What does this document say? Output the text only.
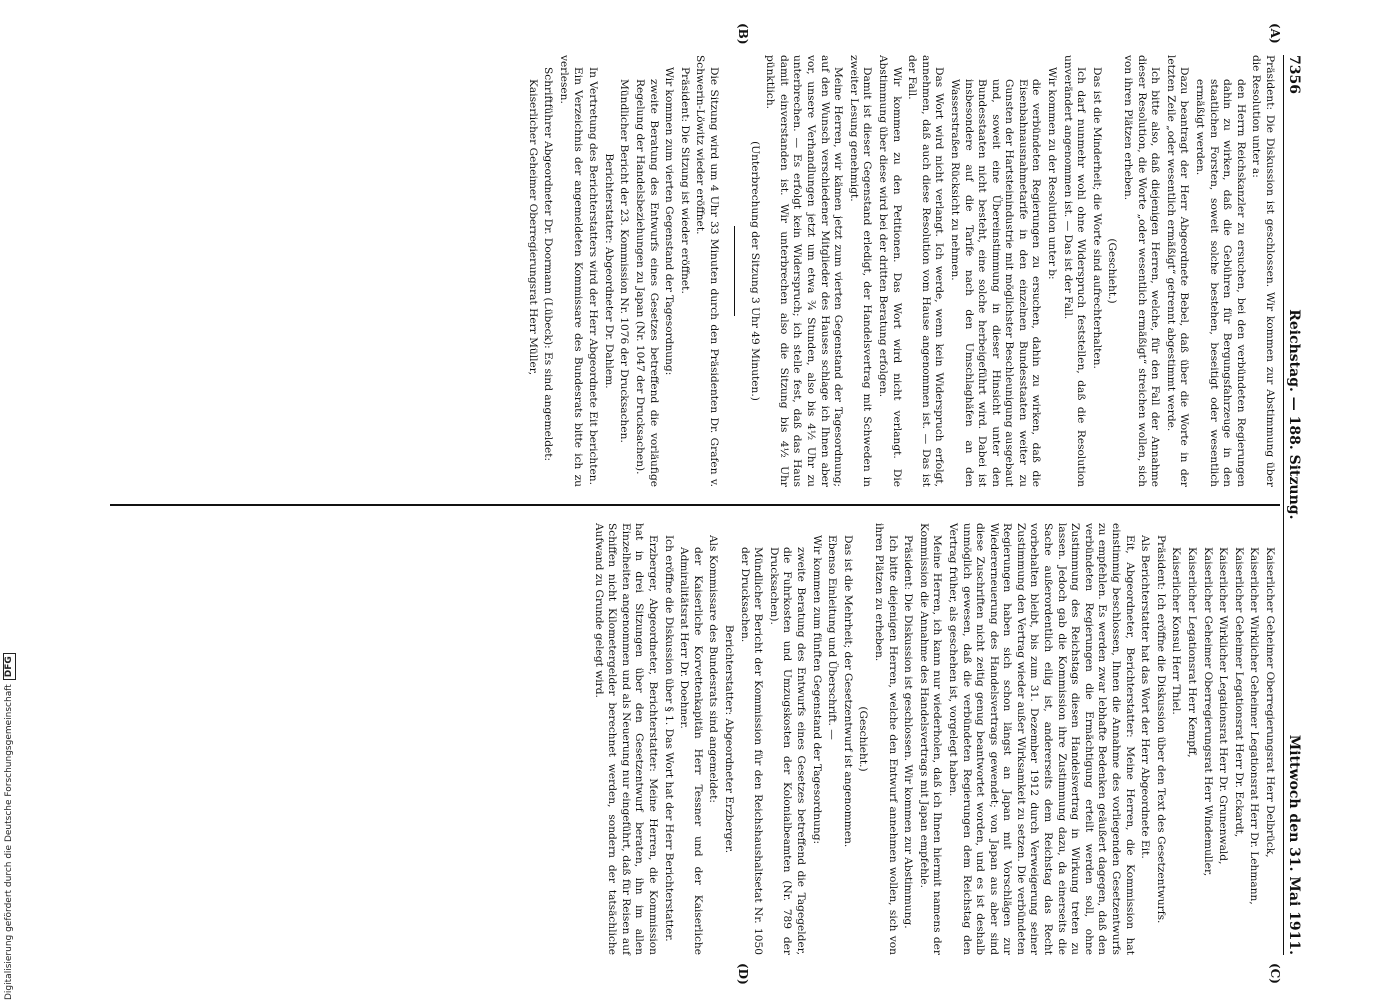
7356
Reichstag. — 188. Sitzung.
Mittwoch den 31. Mai 1911.
(A)
(B)
(C)
(D)

Präsident: Die Diskussion ist geschlossen. Wir kommen zur Abstimmung über die Resolution unter a:

den Herrn Reichskanzler zu ersuchen, bei den verbündeten Regierungen dahin zu wirken, daß die Gebühren für Bergungsfahrzeuge in den staatlichen Forsten, soweit solche bestehen, beseitigt oder wesentlich ermäßigt werden.

Dazu beantragt der Herr Abgeordnete Bebel, daß über die Worte in der letzten Zeile „oder wesentlich ermäßigt“ getrennt abgestimmt werde.

Ich bitte also, daß diejenigen Herren, welche, für den Fall der Annahme dieser Resolution, die Worte „oder wesentlich ermäßigt“ streichen wollen, sich von ihren Plätzen erheben.

(Geschieht.)

Das ist die Minderheit; die Worte sind aufrechterhalten.

Ich darf nunmehr wohl ohne Widerspruch feststellen, daß die Resolution unverändert angenommen ist. — Das ist der Fall.

Wir kommen zu der Resolution unter b:

die verbündeten Regierungen zu ersuchen, dahin zu wirken, daß die Eisenbahnausnahmetarife in den einzelnen Bundesstaaten weiter zu Gunsten der Hartsteinindustrie mit möglichster Beschleunigung ausgebaut und, soweit eine Übereinstimmung in dieser Hinsicht unter den Bundesstaaten nicht besteht, eine solche herbeigeführt wird. Dabei ist insbesondere auf die Tarife nach den Umschlaghäfen an den Wasserstraßen Rücksicht zu nehmen.

Das Wort wird nicht verlangt. Ich werde, wenn kein Widerspruch erfolgt, annehmen, daß auch diese Resolution vom Hause angenommen ist. — Das ist der Fall.

Wir kommen zu den Petitionen. Das Wort wird nicht verlangt. Die Abstimmung über diese wird bei der dritten Beratung erfolgen.

Damit ist dieser Gegenstand erledigt, der Handelsvertrag mit Schweden in zweiter Lesung genehmigt.

Meine Herren, wir kämen jetzt zum vierten Gegenstand der Tagesordnung; auf den Wunsch verschiedener Mitglieder des Hauses schlage ich Ihnen aber vor, unsere Verhandlungen jetzt um etwa ¾ Stunden, also bis 4½ Uhr zu unterbrechen. — Es erfolgt kein Widerspruch; ich stelle fest, daß das Haus damit einverstanden ist. Wir unterbrechen also die Sitzung bis 4½ Uhr pünktlich.

(Unterbrechung der Sitzung 3 Uhr 49 Minuten.)

Die Sitzung wird um 4 Uhr 33 Minuten durch den Präsidenten Dr. Grafen v. Schwerin-Löwitz wieder eröffnet.

Präsident: Die Sitzung ist wieder eröffnet.

Wir kommen zum vierten Gegenstand der Tagesordnung:

zweite Beratung des Entwurfs eines Gesetzes betreffend die vorläufige Regelung der Handelsbeziehungen zu Japan (Nr. 1047 der Drucksachen).

Mündlicher Bericht der 23. Kommission Nr. 1076 der Drucksachen.

Berichterstatter: Abgeordneter Dr. Dahlem.

In Vertretung des Berichterstatters wird der Herr Abgeordnete Eit berichten.

Ein Verzeichnis der angemeldeten Kommissare des Bundesrats bitte ich zu verlesen.

Schriftführer Abgeordneter Dr. Doormann (Lübeck): Es sind angemeldet:

Kaiserlicher Geheimer Oberregierungsrat Herr Müller,

Kaiserlicher Geheimer Oberregierungsrat Herr Delbrück,

Kaiserlicher Wirklicher Geheimer Legationsrat Herr Dr. Lehmann,

Kaiserlicher Geheimer Legationsrat Herr Dr. Eckardt,

Kaiserlicher Wirklicher Legationsrat Herr Dr. Grunenwald,

Kaiserlicher Geheimer Oberregierungsrat Herr Windemuller,

Kaiserlicher Legationsrat Herr Kempff,

Kaiserlicher Konsul Herr Thiel.

Präsident: Ich eröffne die Diskussion über den Text des Gesetzentwurfs.

Als Berichterstatter hat das Wort der Herr Abgeordnete Eit.

Eit, Abgeordneter, Berichterstatter: Meine Herren, die Kommission hat einstimmig beschlossen, Ihnen die Annahme des vorliegenden Gesetzentwurfs zu empfehlen. Es werden zwar lebhafte Bedenken geäußert dagegen, daß den verbündeten Regierungen die Ermächtigung erteilt werden soll, ohne Zustimmung des Reichstags diesen Handelsvertrag in Wirkung treten zu lassen. Jedoch gab die Kommission ihre Zustimmung dazu, da einerseits die Sache außerordentlich eilig ist, andererseits dem Reichstag das Recht vorbehalten bleibt, bis zum 31. Dezember 1912 durch Verweigerung seiner Zustimmung den Vertrag wieder außer Wirksamkeit zu setzen. Die verbündeten Regierungen haben sich schon längst an Japan mit Vorschlägen zur Wiedererneuerung des Handelsvertrags gewendet; von Japan aus aber sind diese Zuschriften nicht zeitig genug beantwortet worden, und es ist deshalb unmöglich gewesen, daß die verbündeten Regierungen dem Reichstag den Vertrag früher, als geschehen ist, vorgelegt haben.

Meine Herren, ich kann nur wiederholen, daß ich Ihnen hiermit namens der Kommission die Annahme des Handelsvertrags mit Japan empfehle.

Präsident: Die Diskussion ist geschlossen. Wir kommen zur Abstimmung.

Ich bitte diejenigen Herren, welche den Entwurf annehmen wollen, sich von ihren Plätzen zu erheben.

(Geschieht.)

Das ist die Mehrheit; der Gesetzentwurf ist angenommen.

Ebenso Einleitung und Überschrift. —

Wir kommen zum fünften Gegenstand der Tagesordnung:

zweite Beratung des Entwurfs eines Gesetzes betreffend die Tagegelder, die Fuhrkosten und Umzugskosten der Kolonialbeamten (Nr. 789 der Drucksachen).

Mündlicher Bericht der Kommission für den Reichshaushaltsetat Nr. 1050 der Drucksachen.

Berichterstatter: Abgeordneter Erzberger.

Als Kommissare des Bundesrats sind angemeldet:

der Kaiserliche Korvettenkapitän Herr Tessner und der Kaiserliche Admiralitätsrat Herr Dr. Doehner.

Ich eröffne die Diskussion über § 1. Das Wort hat der Herr Berichterstatter.

Erzberger, Abgeordneter, Berichterstatter: Meine Herren, die Kommission hat in drei Sitzungen über den Gesetzentwurf beraten, ihn im allen Einzelheiten angenommen und als Neuerung nur eingeführt, daß für Reisen auf Schiffen nicht Kilometergelder berechnet werden, sondern der tatsächliche Aufwand zu Grunde gelegt wird.

Digitalisierung gefördert durch die Deutsche Forschungsgemeinschaft
DFG
